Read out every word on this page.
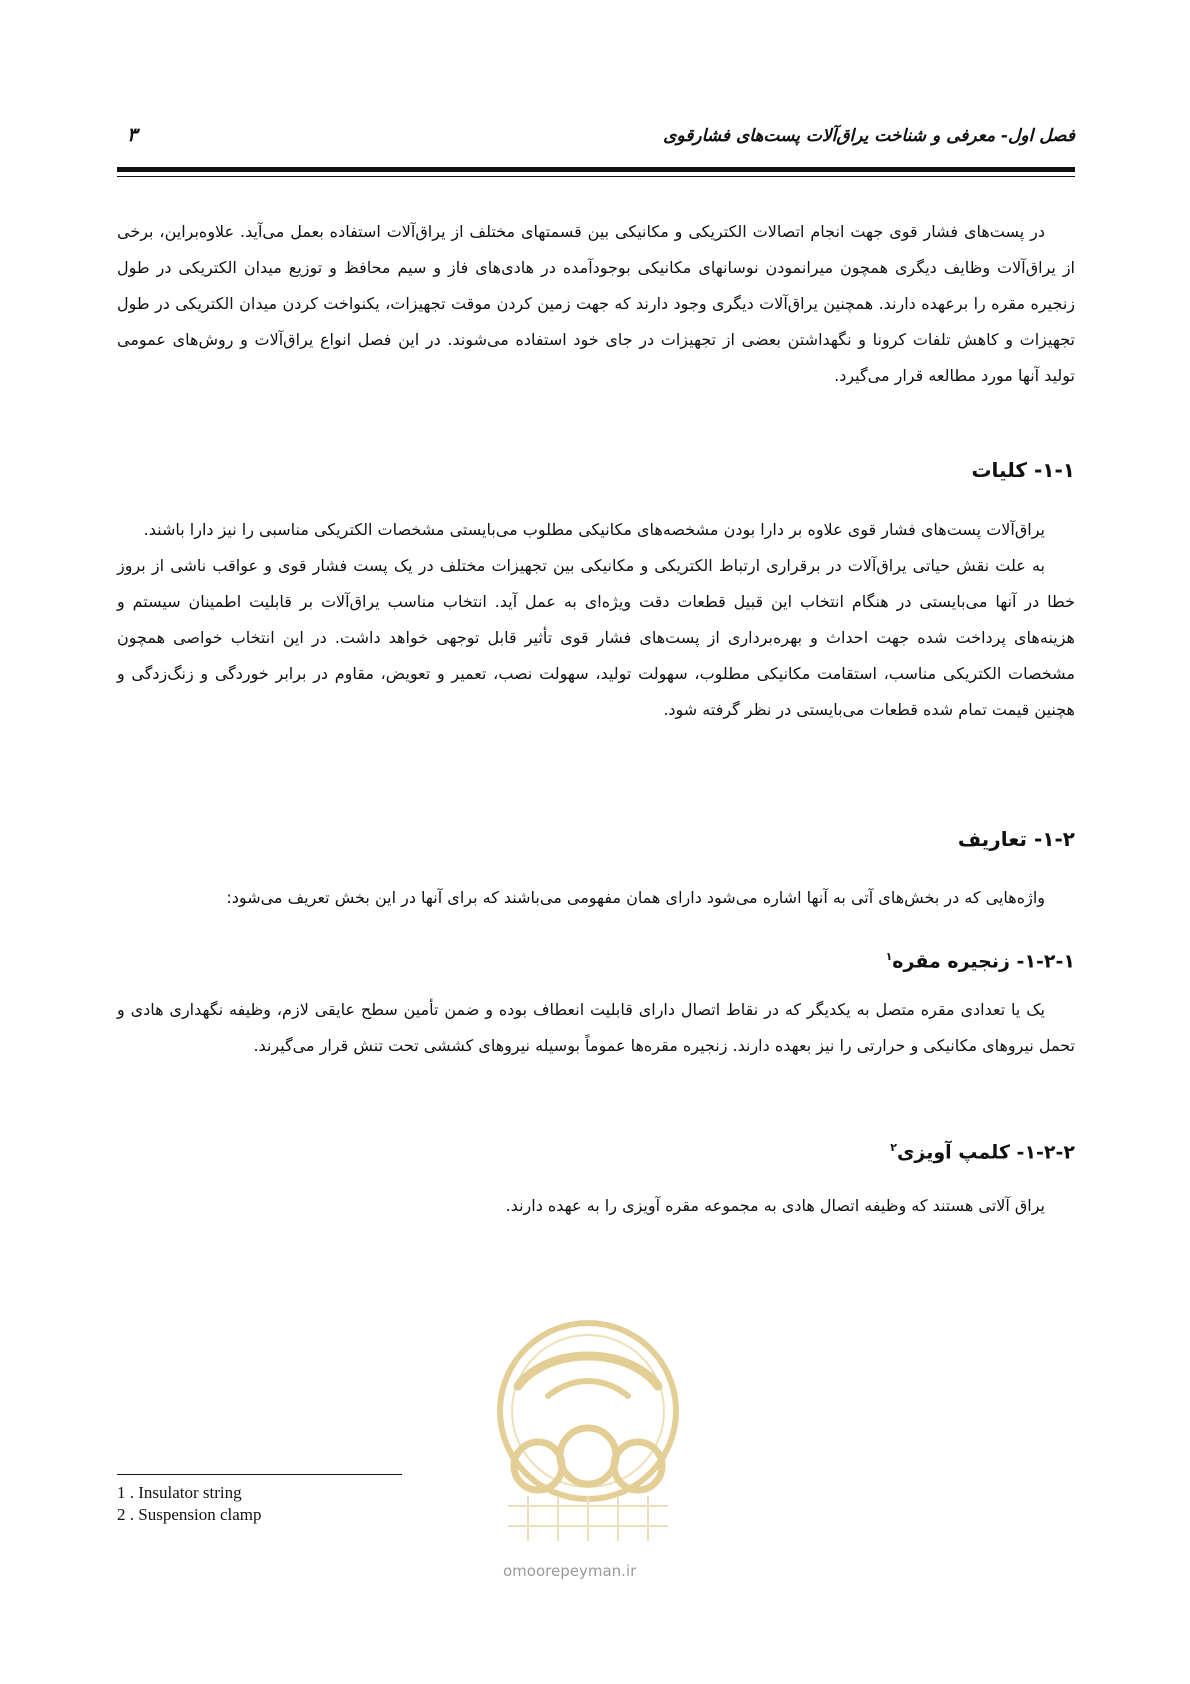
فصل اول- معرفی و شناخت یراق‌آلات پست‌های فشارقوی
۳

در پست‌های فشار قوی جهت انجام اتصالات الکتریکی و مکانیکی بین قسمتهای مختلف از یراق‌آلات استفاده بعمل می‌آید. علاوه‌براین، برخی از یراق‌آلات وظایف دیگری همچون میرانمودن نوسانهای مکانیکی بوجودآمده در هادی‌های فاز و سیم محافظ و توزیع میدان الکتریکی در طول زنجیره مقره را برعهده دارند. همچنین یراق‌آلات دیگری وجود دارند که جهت زمین کردن موقت تجهیزات، یکنواخت کردن میدان الکتریکی در طول تجهیزات و کاهش تلفات کرونا و نگهداشتن بعضی از تجهیزات در جای خود استفاده می‌شوند. در این فصل انواع یراق‌آلات و روش‌های عمومی تولید آنها مورد مطالعه قرار می‌گیرد.

۱-۱- کلیات

یراق‌آلات پست‌های فشار قوی علاوه بر دارا بودن مشخصه‌های مکانیکی مطلوب می‌بایستی مشخصات الکتریکی مناسبی را نیز دارا باشند.

به علت نقش حیاتی یراق‌آلات در برقراری ارتباط الکتریکی و مکانیکی بین تجهیزات مختلف در یک پست فشار قوی و عواقب ناشی از بروز خطا در آنها می‌بایستی در هنگام انتخاب این قبیل قطعات دقت ویژه‌ای به عمل آید. انتخاب مناسب یراق‌آلات بر قابلیت اطمینان سیستم و هزینه‌های پرداخت شده جهت احداث و بهره‌برداری از پست‌های فشار قوی تأثیر قابل توجهی خواهد داشت. در این انتخاب خواصی همچون مشخصات الکتریکی مناسب، استقامت مکانیکی مطلوب، سهولت تولید، سهولت نصب، تعمیر و تعویض، مقاوم در برابر خوردگی و زنگ‌زدگی و هچنین قیمت تمام شده قطعات می‌بایستی در نظر گرفته شود.

۱-۲- تعاریف

واژه‌هایی که در بخش‌های آتی به آنها اشاره می‌شود دارای همان مفهومی می‌باشند که برای آنها در این بخش تعریف می‌شود:

۱-۲-۱- زنجیره مقره$^۱$

یک یا تعدادی مقره متصل به یکدیگر که در نقاط اتصال دارای قابلیت انعطاف بوده و ضمن تأمین سطح عایقی لازم، وظیفه نگهداری هادی و تحمل نیروهای مکانیکی و حرارتی را نیز بعهده دارند. زنجیره مقره‌ها عموماً بوسیله نیروهای کششی تحت تنش قرار می‌گیرند.

۱-۲-۲- کلمپ آویزی$^۲$

یراق آلاتی هستند که وظیفه اتصال هادی به مجموعه مقره آویزی را به عهده دارند.

omoorepeyman.ir
1 . Insulator string
2 . Suspension clamp
